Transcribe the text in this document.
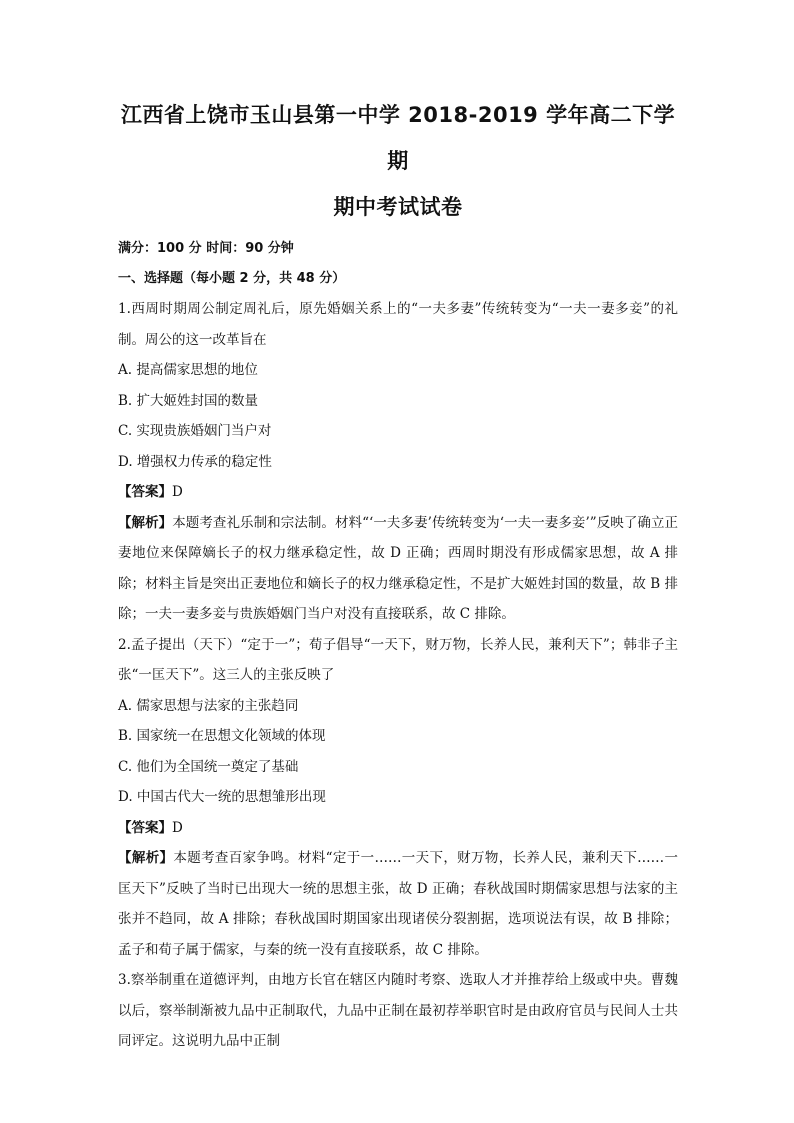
江西省上饶市玉山县第一中学 2018-2019 学年高二下学期
期中考试试卷
满分：100 分 时间：90 分钟
一、选择题（每小题 2 分，共 48 分）
1.西周时期周公制定周礼后，原先婚姻关系上的“一夫多妻”传统转变为“一夫一妻多妾”的礼制。周公的这一改革旨在
A. 提高儒家思想的地位
B. 扩大姬姓封国的数量
C. 实现贵族婚姻门当户对
D. 增强权力传承的稳定性
【答案】D
【解析】本题考查礼乐制和宗法制。材料“‘一夫多妻’传统转变为‘一夫一妻多妾’”反映了确立正妻地位来保障嫡长子的权力继承稳定性，故 D 正确；西周时期没有形成儒家思想，故 A 排除；材料主旨是突出正妻地位和嫡长子的权力继承稳定性，不是扩大姬姓封国的数量，故 B 排除；一夫一妻多妾与贵族婚姻门当户对没有直接联系，故 C 排除。
2.孟子提出（天下）“定于一”；荀子倡导“一天下，财万物，长养人民，兼利天下”；韩非子主张“一匡天下”。这三人的主张反映了
A. 儒家思想与法家的主张趋同
B. 国家统一在思想文化领域的体现
C. 他们为全国统一奠定了基础
D. 中国古代大一统的思想雏形出现
【答案】D
【解析】本题考查百家争鸣。材料“定于一……一天下，财万物，长养人民，兼利天下……一匡天下”反映了当时已出现大一统的思想主张，故 D 正确；春秋战国时期儒家思想与法家的主张并不趋同，故 A 排除；春秋战国时期国家出现诸侯分裂割据，选项说法有误，故 B 排除；孟子和荀子属于儒家，与秦的统一没有直接联系，故 C 排除。
3.察举制重在道德评判，由地方长官在辖区内随时考察、选取人才并推荐给上级或中央。曹魏以后，察举制渐被九品中正制取代，九品中正制在最初荐举职官时是由政府官员与民间人士共同评定。这说明九品中正制
